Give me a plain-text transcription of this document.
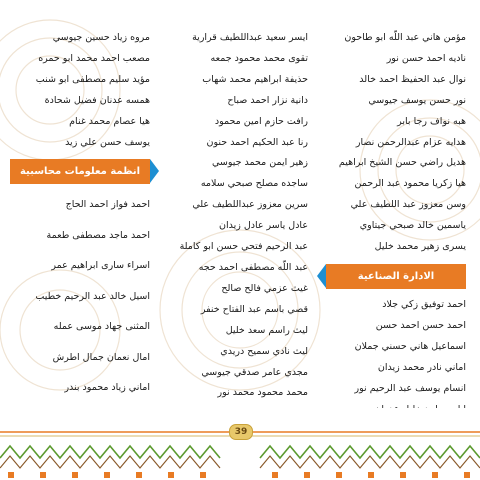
مؤمن هاني عبد اللّه ابو طاحون
ناديه احمد حسن نور
نوال عبد الحفيظ احمد خالد
نور حسن يوسف جيوسي
هبه نواف رجا بابر
هدايه عزام عبدالرحمن نصار
هديل راضي حسن الشيخ ابراهيم
هيا زكريا محمود عبد الرحمن
وسن معزوز عبد اللطيف علي
ياسمين خالد صبحي جيتاوي
يسرى زهير محمد خليل
الادارة الصناعية
احمد توفيق زكي جلاد
احمد حسن احمد حسن
اسماعيل هاني حسني جملان
اماني نادر محمد زيدان
انسام يوسف عبد الرحيم نور
ايسر سعيد عبداللطيف قرارية
تقوى محمد محمود جمعه
حذيفة ابراهيم محمد شهاب
دانية نزار احمد صباح
رافت حازم امين محمود
رنا عبد الحكيم احمد حنون
زهير ايمن محمد جيوسي
ساجده مصلح صبحي سلامه
سرين معزوز عبداللطيف علي
عادل ياسر عادل زيدان
عبد الرحيم فتحي حسن ابو كاملة
عبد اللّه مصطفى احمد حجه
غيث عزمي فالح صالح
قصي باسم عبد الفتاح خنفر
ليث راسم سعد خليل
ليث نادي سميح دريدي
مجدي عامر صدقي جيوسي
محمد محمود محمد نور
مروه زياد حسين جيوسي
مصعب احمد محمد ابو حمره
مؤيد سليم مصطفى ابو شنب
همسه عدنان فضيل شحادة
هيا عصام محمد غنام
يوسف حسن علي زيد
انظمة معلومات محاسبية
احمد فواز احمد الحاج
احمد ماجد مصطفى طعمة
اسراء سارى ابراهيم عمر
اسيل خالد عبد الرحيم خطيب
المثنى جهاد موسى عمله
امال نعمان جمال اطرش
اماني زياد محمود بندر
39
